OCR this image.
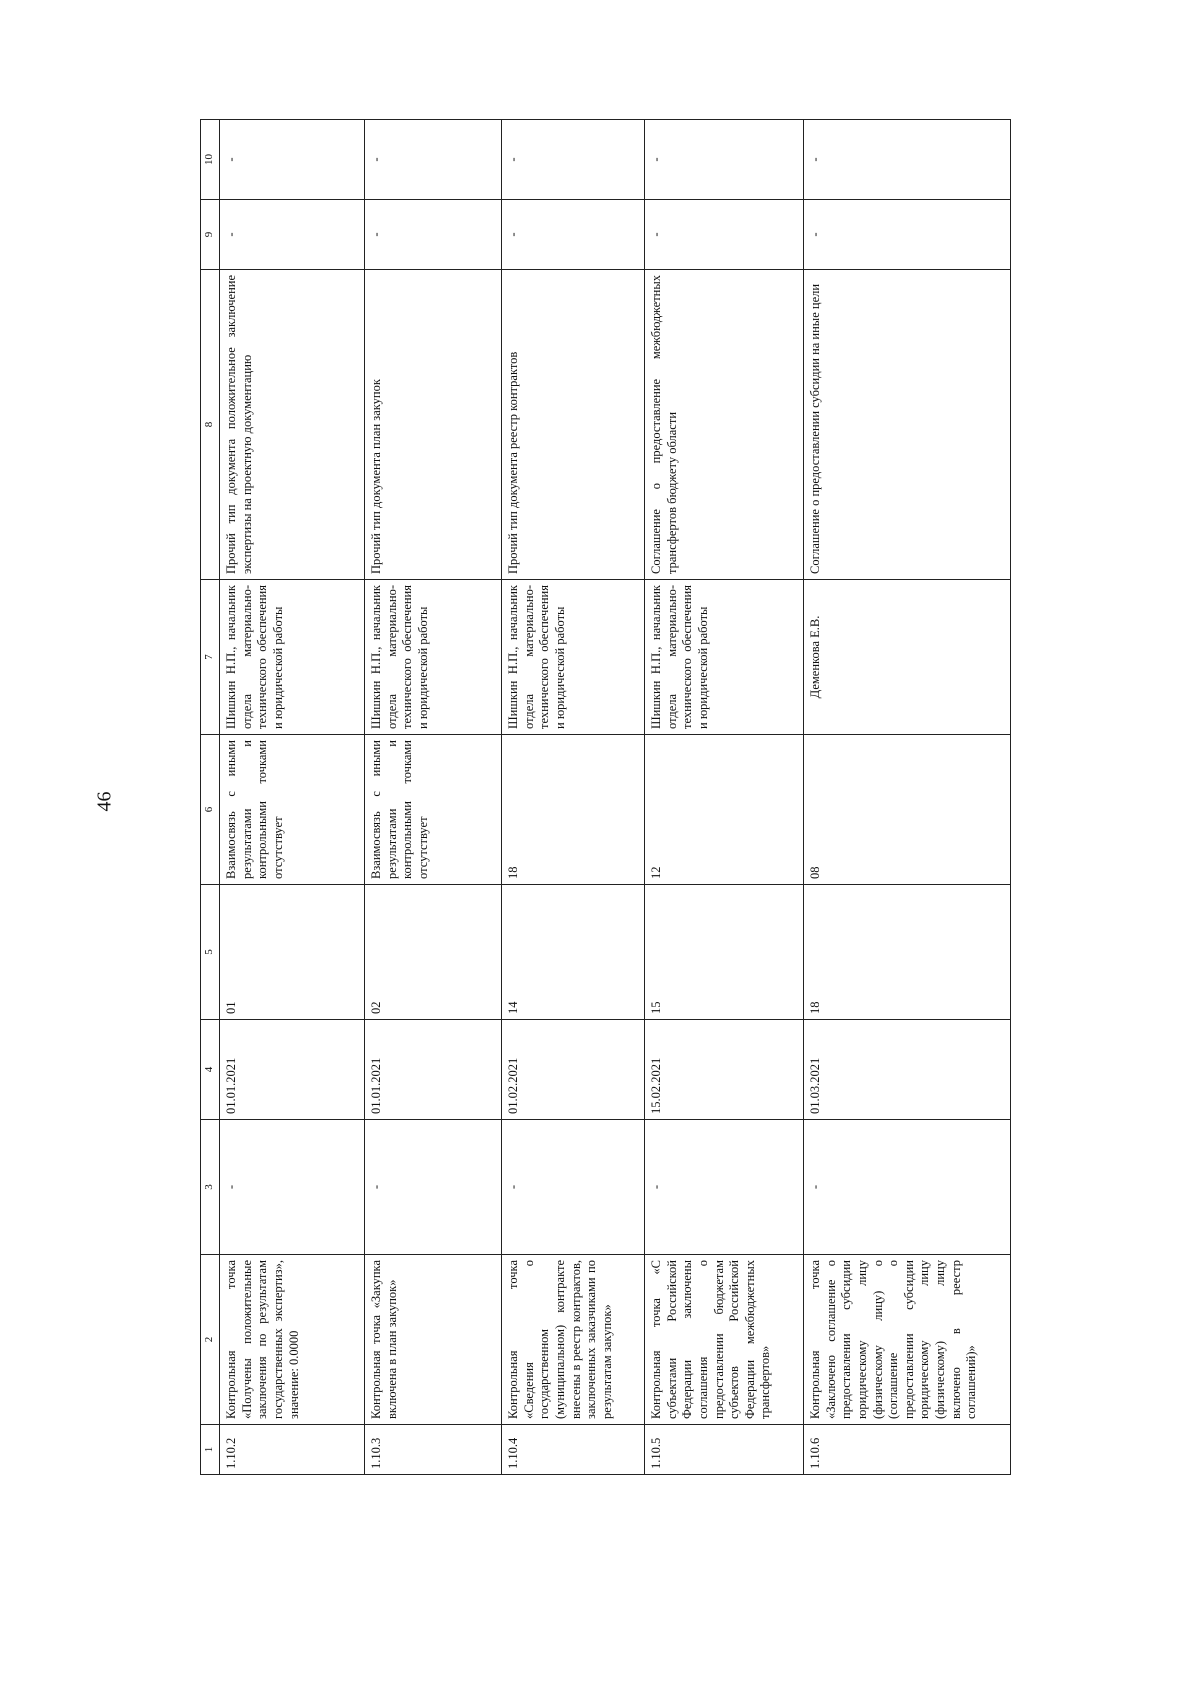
46
1	2	3	4	5	6	7	8	9	10
1.10.2	Контрольная точка «Получены положительные заключения по результатам государственных экспертиз», значение: 0.0000	-	01.01.2021	01	Взаимосвязь с иными результатами и контрольными точками отсутствует	Шишкин Н.П., начальник отдела материально-технического обеспечения и юридической работы	Прочий тип документа положительное заключение экспертизы на проектную документацию	-	-
1.10.3	Контрольная точка «Закупка включена в план закупок»	-	01.01.2021	02	Взаимосвязь с иными результатами и контрольными точками отсутствует	Шишкин Н.П., начальник отдела материально-технического обеспечения и юридической работы	Прочий тип документа план закупок	-	-
1.10.4	Контрольная точка «Сведения о государственном (муниципальном) контракте внесены в реестр контрактов, заключенных заказчиками по результатам закупок»	-	01.02.2021	14	18	Шишкин Н.П., начальник отдела материально-технического обеспечения и юридической работы	Прочий тип документа реестр контрактов	-	-
1.10.5	Контрольная точка «С субъектами Российской Федерации заключены соглашения о предоставлении бюджетам субъектов Российской Федерации межбюджетных трансфертов»	-	15.02.2021	15	12	Шишкин Н.П., начальник отдела материально-технического обеспечения и юридической работы	Соглашение о предоставление межбюджетных трансфертов бюджету области	-	-
1.10.6	Контрольная точка «Заключено соглашение о предоставлении субсидии юридическому лицу (физическому лицу) о (соглашение о предоставлении субсидии юридическому лицу (физическому) лицу включено в реестр соглашений)»	-	01.03.2021	18	08	Деменкова Е.В.	Соглашение о предоставлении субсидии на иные цели	-	-
